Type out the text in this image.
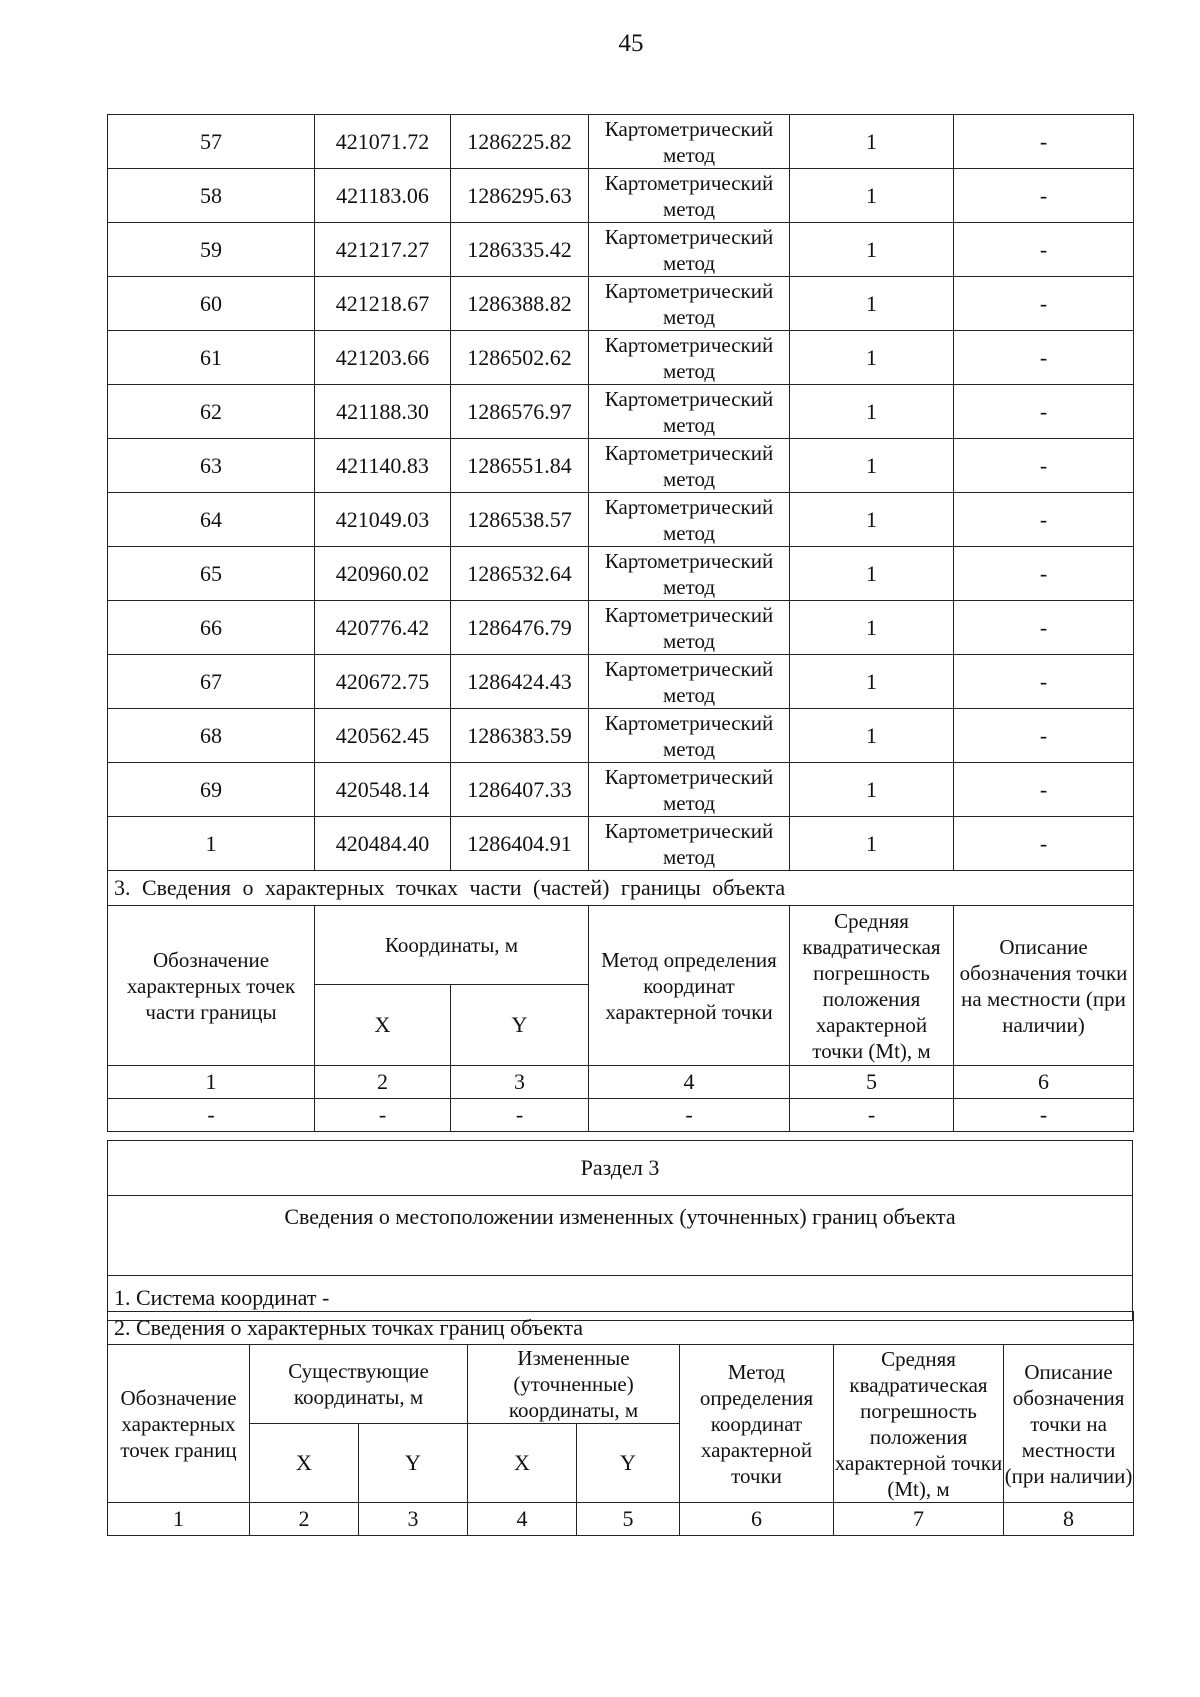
45
57	421071.72	1286225.82	Картометрический метод	1	-
58	421183.06	1286295.63	Картометрический метод	1	-
59	421217.27	1286335.42	Картометрический метод	1	-
60	421218.67	1286388.82	Картометрический метод	1	-
61	421203.66	1286502.62	Картометрический метод	1	-
62	421188.30	1286576.97	Картометрический метод	1	-
63	421140.83	1286551.84	Картометрический метод	1	-
64	421049.03	1286538.57	Картометрический метод	1	-
65	420960.02	1286532.64	Картометрический метод	1	-
66	420776.42	1286476.79	Картометрический метод	1	-
67	420672.75	1286424.43	Картометрический метод	1	-
68	420562.45	1286383.59	Картометрический метод	1	-
69	420548.14	1286407.33	Картометрический метод	1	-
1	420484.40	1286404.91	Картометрический метод	1	-
3. Сведения о характерных точках части (частей) границы объекта					
Обозначение характерных точек части границы	Координаты, м		Метод определения координат характерной точки	Средняя квадратическая погрешность положения характерной точки (Mt), м	Описание обозначения точки на местности (при наличии)
	X	Y			
1	2	3	4	5	6
-	-	-	-	-	-
Раздел 3
Сведения о местоположении измененных (уточненных) границ объекта
1. Система координат -
2. Сведения о характерных точках границ объекта							
Обозначение характерных точек границ	Существующие координаты, м		Измененные (уточненные) координаты, м		Метод определения координат характерной точки	Средняя квадратическая погрешность положения характерной точки (Mt), м	Описание обозначения точки на местности (при наличии)
	X	Y	X	Y			
1	2	3	4	5	6	7	8
